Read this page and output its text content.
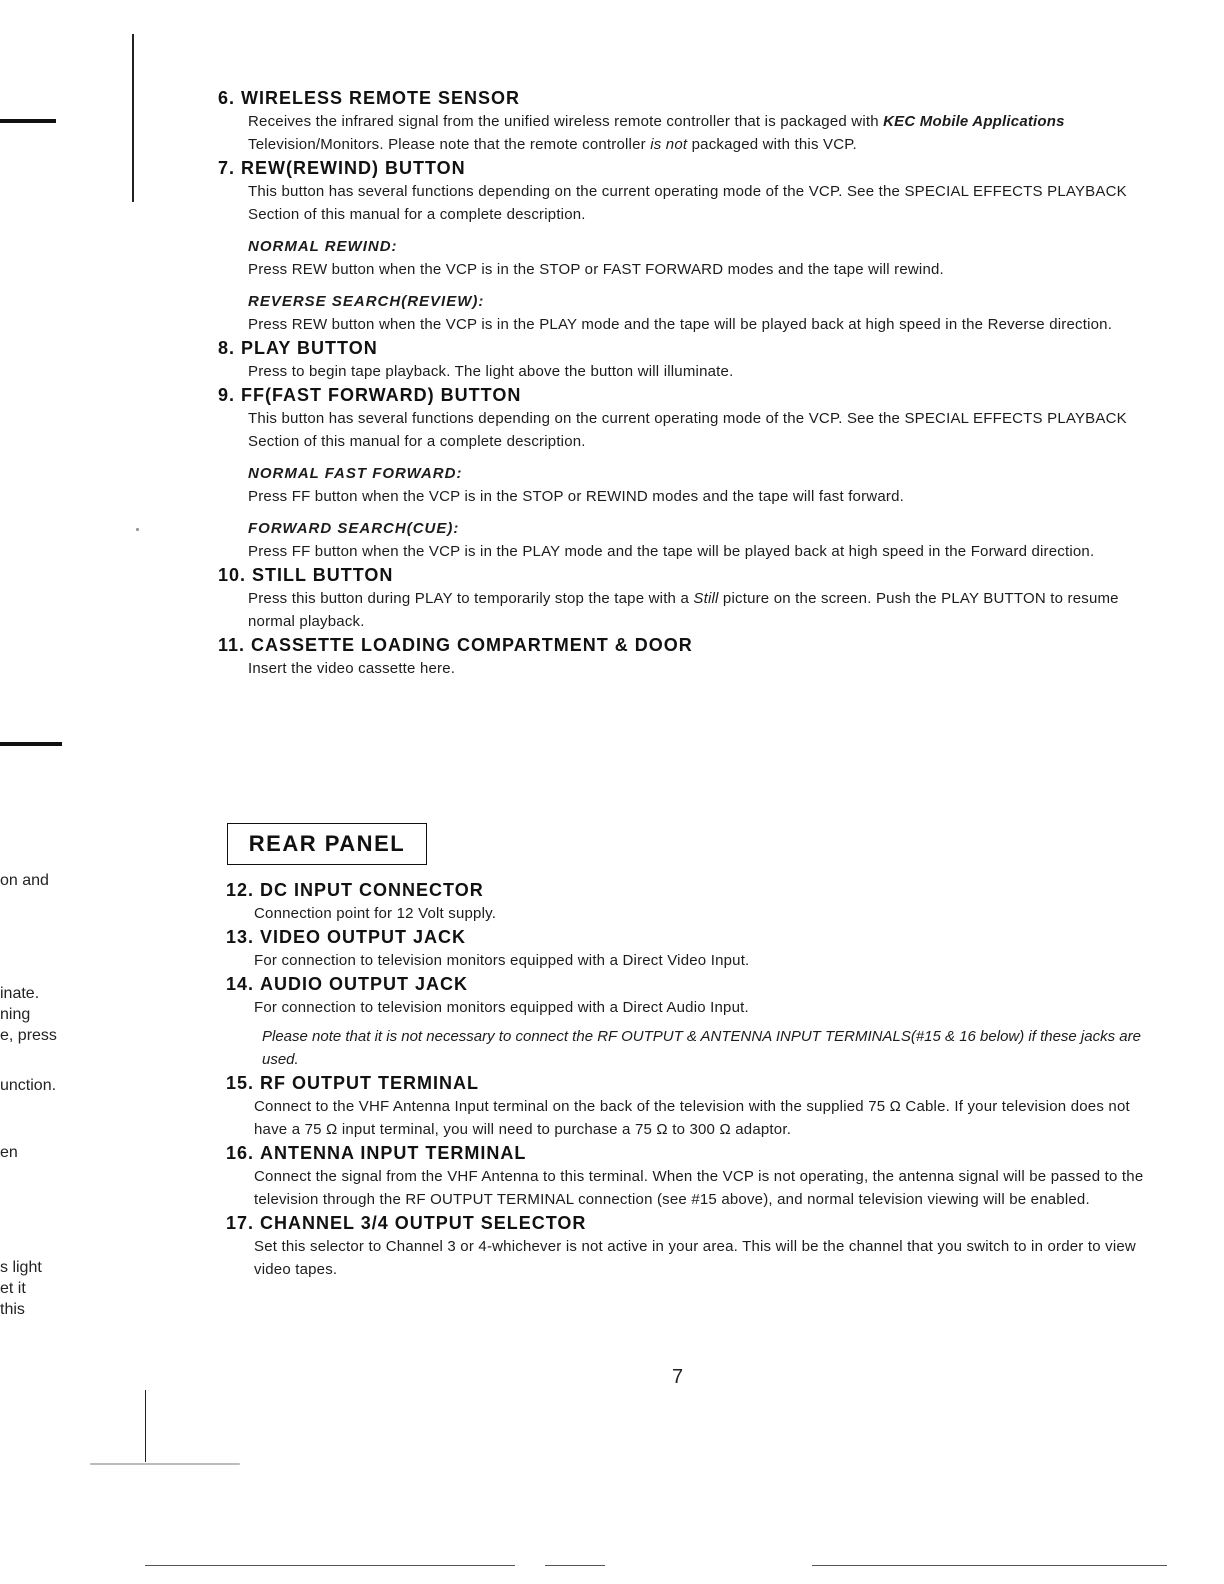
on and
inate.
ning
e, press
unction.
en
s light
et it
this

6. WIRELESS REMOTE SENSOR

Receives the infrared signal from the unified wireless remote controller that is packaged with KEC Mobile Applications Television/Monitors. Please note that the remote controller is not packaged with this VCP.

7. REW(REWIND) BUTTON

This button has several functions depending on the current operating mode of the VCP. See the SPECIAL EFFECTS PLAYBACK Section of this manual for a complete description.

NORMAL REWIND:

Press REW button when the VCP is in the STOP or FAST FORWARD modes and the tape will rewind.

REVERSE SEARCH(REVIEW):

Press REW button when the VCP is in the PLAY mode and the tape will be played back at high speed in the Reverse direction.

8. PLAY BUTTON

Press to begin tape playback. The light above the button will illuminate.

9. FF(FAST FORWARD) BUTTON

This button has several functions depending on the current operating mode of the VCP. See the SPECIAL EFFECTS PLAYBACK Section of this manual for a complete description.

NORMAL FAST FORWARD:

Press FF button when the VCP is in the STOP or REWIND modes and the tape will fast forward.

FORWARD SEARCH(CUE):

Press FF button when the VCP is in the PLAY mode and the tape will be played back at high speed in the Forward direction.

10. STILL BUTTON

Press this button during PLAY to temporarily stop the tape with a Still picture on the screen. Push the PLAY BUTTON to resume normal playback.

11. CASSETTE LOADING COMPARTMENT & DOOR

Insert the video cassette here.

REAR PANEL

12. DC INPUT CONNECTOR

Connection point for 12 Volt supply.

13. VIDEO OUTPUT JACK

For connection to television monitors equipped with a Direct Video Input.

14. AUDIO OUTPUT JACK

For connection to television monitors equipped with a Direct Audio Input.

Please note that it is not necessary to connect the RF OUTPUT & ANTENNA INPUT TERMINALS(#15 & 16 below) if these jacks are used.

15. RF OUTPUT TERMINAL

Connect to the VHF Antenna Input terminal on the back of the television with the supplied 75 Ω Cable. If your television does not have a 75 Ω input terminal, you will need to purchase a 75 Ω to 300 Ω adaptor.

16. ANTENNA INPUT TERMINAL

Connect the signal from the VHF Antenna to this terminal. When the VCP is not operating, the antenna signal will be passed to the television through the RF OUTPUT TERMINAL connection (see #15 above), and normal television viewing will be enabled.

17. CHANNEL 3/4 OUTPUT SELECTOR

Set this selector to Channel 3 or 4-whichever is not active in your area. This will be the channel that you switch to in order to view video tapes.

7
